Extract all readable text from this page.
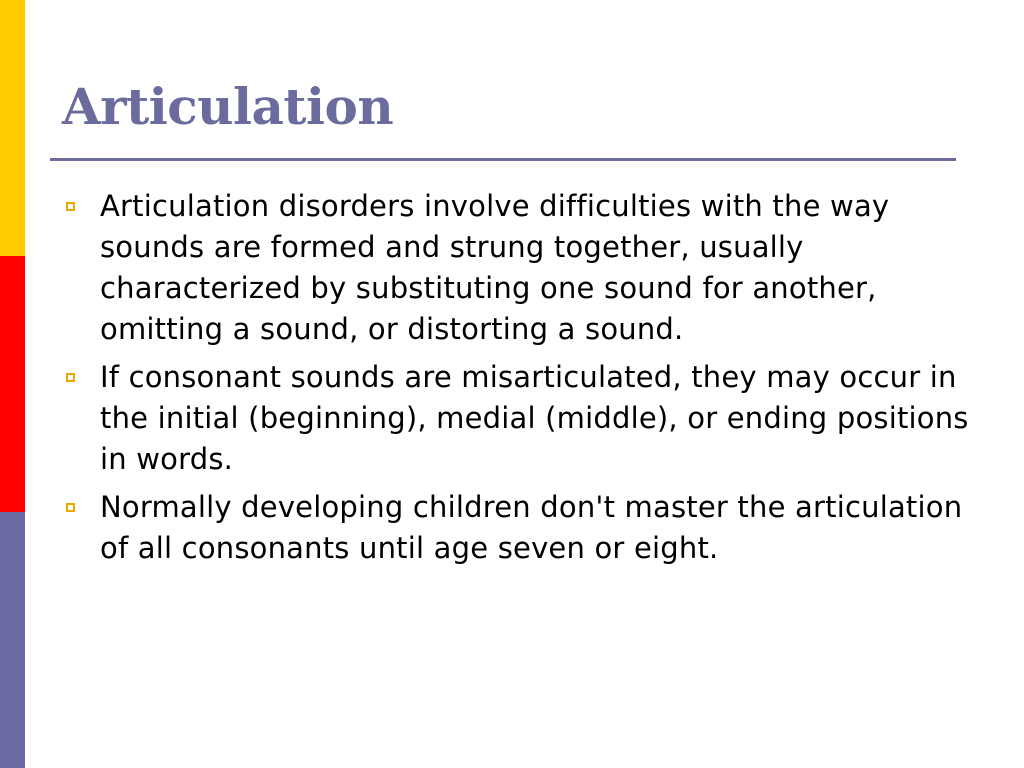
Articulation
Articulation disorders involve difficulties with the way sounds are formed and strung together, usually characterized by substituting one sound for another, omitting a sound, or distorting a sound.
If consonant sounds are misarticulated, they may occur in the initial (beginning), medial (middle), or ending positions in words.
Normally developing children don't master the articulation of all consonants until age seven or eight.
